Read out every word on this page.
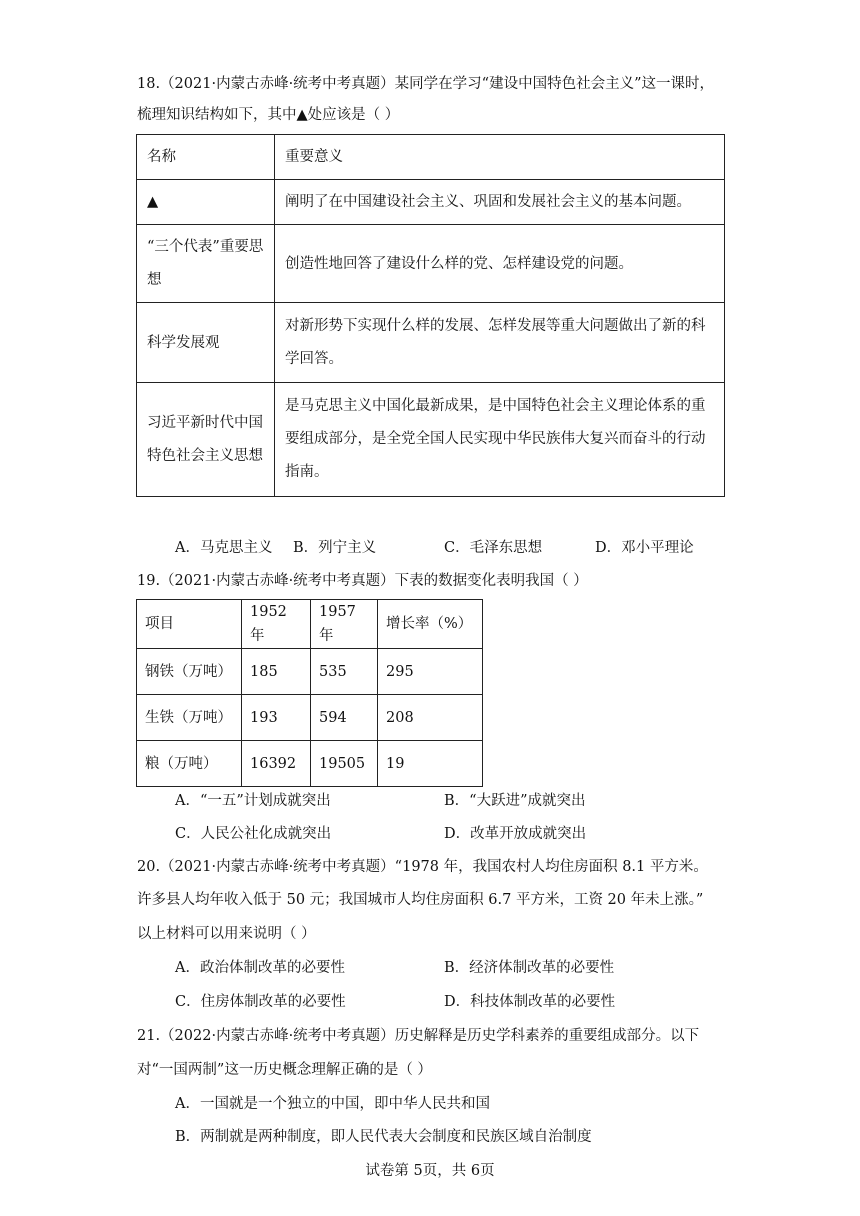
18.（2021·内蒙古赤峰·统考中考真题）某同学在学习“建设中国特色社会主义”这一课时，
梳理知识结构如下，其中▲处应该是（ ）
名称	重要意义
▲	阐明了在中国建设社会主义、巩固和发展社会主义的基本问题。
“三个代表”重要思想	创造性地回答了建设什么样的党、怎样建设党的问题。
科学发展观	对新形势下实现什么样的发展、怎样发展等重大问题做出了新的科学回答。
习近平新时代中国特色社会主义思想	是马克思主义中国化最新成果，是中国特色社会主义理论体系的重要组成部分，是全党全国人民实现中华民族伟大复兴而奋斗的行动指南。
A．马克思主义 B．列宁主义	C．毛泽东思想	D．邓小平理论
19.（2021·内蒙古赤峰·统考中考真题）下表的数据变化表明我国（ ）
项目	1952 年	1957 年	增长率（%）
钢铁（万吨）	185	535	295
生铁（万吨）	193	594	208
粮（万吨）	16392	19505	19
A．“一五”计划成就突出	B．“大跃进”成就突出
C．人民公社化成就突出	D．改革开放成就突出
20.（2021·内蒙古赤峰·统考中考真题）“1978 年，我国农村人均住房面积 8.1 平方米。
许多县人均年收入低于 50 元；我国城市人均住房面积 6.7 平方米，工资 20 年未上涨。”
以上材料可以用来说明（ ）
A．政治体制改革的必要性	B．经济体制改革的必要性
C．住房体制改革的必要性	D．科技体制改革的必要性
21.（2022·内蒙古赤峰·统考中考真题）历史解释是历史学科素养的重要组成部分。以下
对“一国两制”这一历史概念理解正确的是（ ）
A．一国就是一个独立的中国，即中华人民共和国
B．两制就是两种制度，即人民代表大会制度和民族区域自治制度
试卷第 5页，共 6页
